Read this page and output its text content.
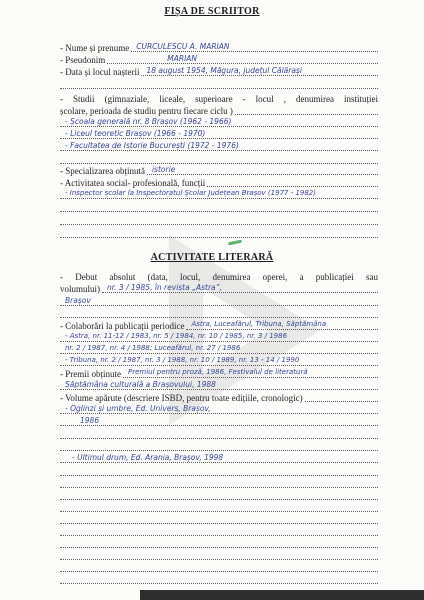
FIȘA DE SCRIITOR
- Nume și prenume CURCULESCU A. MARIAN
- Pseudonim	MARIAN
- Data și locul nașterii 18 august 1954, Măgura, județul Călărași
- Studii (gimnaziale, liceale, superioare - locul , denumirea instituției
școlare, perioada de studiu pentru fiecare ciclu )
- Școala generală nr. 8 Brașov (1962 - 1966)
- Liceul teoretic Brașov (1966 - 1970)
- Facultatea de Istorie București (1972 - 1976)
- Specializarea obținută istorie
- Activitatea social- profesională, funcții
- Inspector școlar la Inspectoratul Școlar Județean Brașov (1977 - 1982)
ACTIVITATE LITERARĂ
- Debut absolut (data, locul, denumirea operei, a publicației sau
volumului) nr. 3 / 1985, în revista „Astra”,
Brașov
- Colaborări la publicații periodice Astra, Luceafărul, Tribuna, Săptămâna
- Astra, nr. 11-12 / 1983, nr. 5 / 1984, nr. 10 / 1985, nr. 3 / 1986
nr. 2 / 1987, nr. 4 / 1988; Luceafărul, nr. 27 / 1986
- Tribuna, nr. 2 / 1987, nr. 3 / 1988, nr. 10 / 1989, nr. 13 - 14 / 1990
- Premii obținute Premiul pentru proză, 1986, Festivalul de literatură
Săptămâna culturală a Brașovului, 1988
- Volume apărute (descriere ISBD, pentru toate edițiile, cronologic)
- Oglinzi și umbre, Ed. Univers, Brașov,
1986
- Ultimul drum, Ed. Arania, Brașov, 1998
